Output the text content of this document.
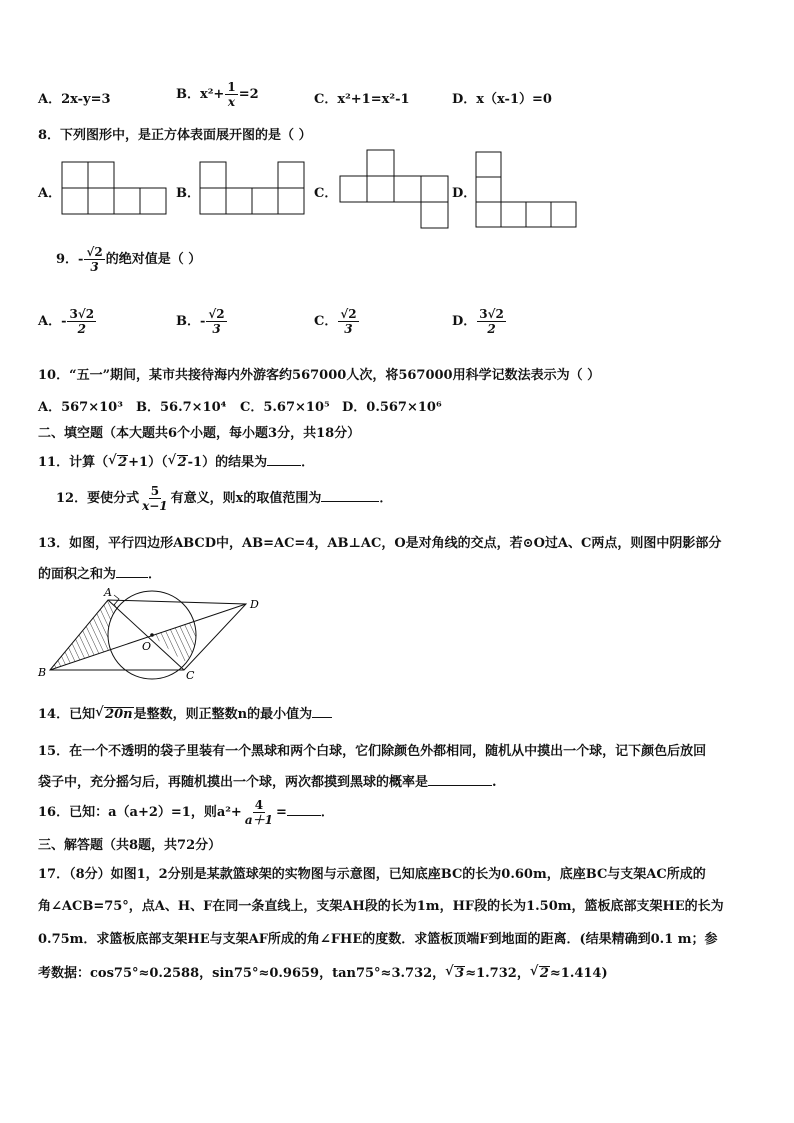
A．2x-y=3	B．$x^2+ \frac{1}{x} =2$	C．x²+1=x²-1	D．x（x-1）=0
8．下列图形中，是正方体表面展开图的是（ ）
A．	B．	C．	D．
9．- $\frac{√2}{3}$ 的绝对值是（ ）
A．- $\frac{3√2}{2}$	B．- $\frac{√2}{3}$	C． $\frac{√2}{3}$	D． $\frac{3√2}{2}$
10．“五一”期间，某市共接待海内外游客约567000人次，将567000用科学记数法表示为（ ）
A．567×10³ B．56.7×10⁴ C．5.67×10⁵ D．0.567×10⁶
二、填空题（本大题共6个小题，每小题3分，共18分）
11．计算（ √ 2+1）（ √ 2-1）的结果为	．
12．要使分式 $\frac{5}{x-1}$ 有意义，则x的取值范围为	．
13．如图，平行四边形ABCD中，AB=AC=4，AB⊥AC，O是对角线的交点，若⊙O过A、C两点，则图中阴影部分
的面积之和为 ．
A
B	C
D
O
14．已知 √ 20n是整数，则正整数n的最小值为
15．在一个不透明的袋子里装有一个黑球和两个白球，它们除颜色外都相同，随机从中摸出一个球，记下颜色后放回
袋子中，充分摇匀后，再随机摸出一个球，两次都摸到黑球的概率是	.
16．已知：a（a+2）=1，则$a^2+ \frac{4}{a+1}$ =	．
三、解答题（共8题，共72分）
17．（8分）如图1，2分别是某款篮球架的实物图与示意图，已知底座BC的长为0.60m，底座BC与支架AC所成的
角∠ACB=75°，点A、H、F在同一条直线上，支架AH段的长为1m，HF段的长为1.50m，篮板底部支架HE的长为
0.75m．求篮板底部支架HE与支架AF所成的角∠FHE的度数．求篮板顶端F到地面的距离．(结果精确到0.1 m；参
考数据：cos75°≈0.2588，sin75°≈0.9659，tan75°≈3.732， √ 3≈1.732， √ 2≈1.414)
